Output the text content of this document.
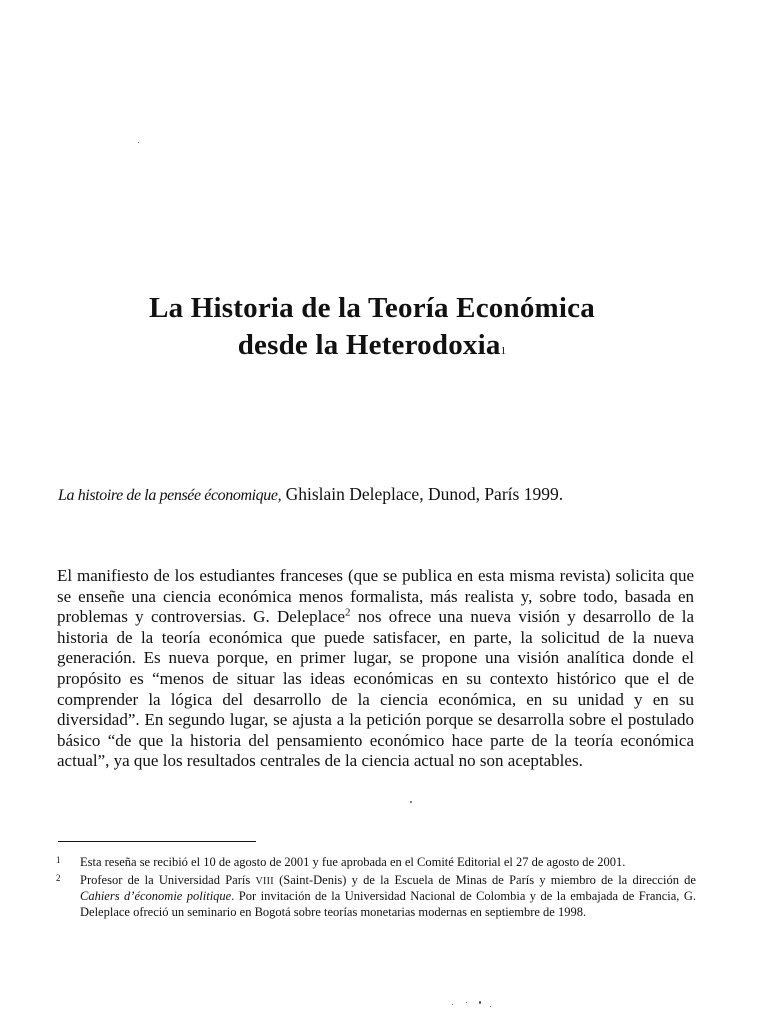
La Historia de la Teoría Económica
desde la Heterodoxia$^1$

La histoire de la pensée économique, Ghislain Deleplace, Dunod, París 1999.

El manifiesto de los estudiantes franceses (que se publica en esta misma revista) solicita que se enseñe una ciencia económica menos formalista, más realista y, sobre todo, basada en problemas y controversias. G. Deleplace$^2$ nos ofrece una nueva visión y desarrollo de la historia de la teoría económica que puede satisfacer, en parte, la solicitud de la nueva generación. Es nueva porque, en primer lugar, se propone una visión analítica donde el propósito es “menos de situar las ideas económicas en su contexto histórico que el de comprender la lógica del desarrollo de la ciencia económica, en su unidad y en su diversidad”. En segundo lugar, se ajusta a la petición porque se desarrolla sobre el postulado básico “de que la historia del pensamiento económico hace parte de la teoría económica actual”, ya que los resultados centrales de la ciencia actual no son aceptables.

1 Esta reseña se recibió el 10 de agosto de 2001 y fue aprobada en el Comité Editorial el 27 de agosto de 2001.
2 Profesor de la Universidad París VIII (Saint-Denis) y de la Escuela de Minas de París y miembro de la dirección de Cahiers d’économie politique. Por invitación de la Universidad Nacional de Colombia y de la embajada de Francia, G. Deleplace ofreció un seminario en Bogotá sobre teorías monetarias modernas en septiembre de 1998.
